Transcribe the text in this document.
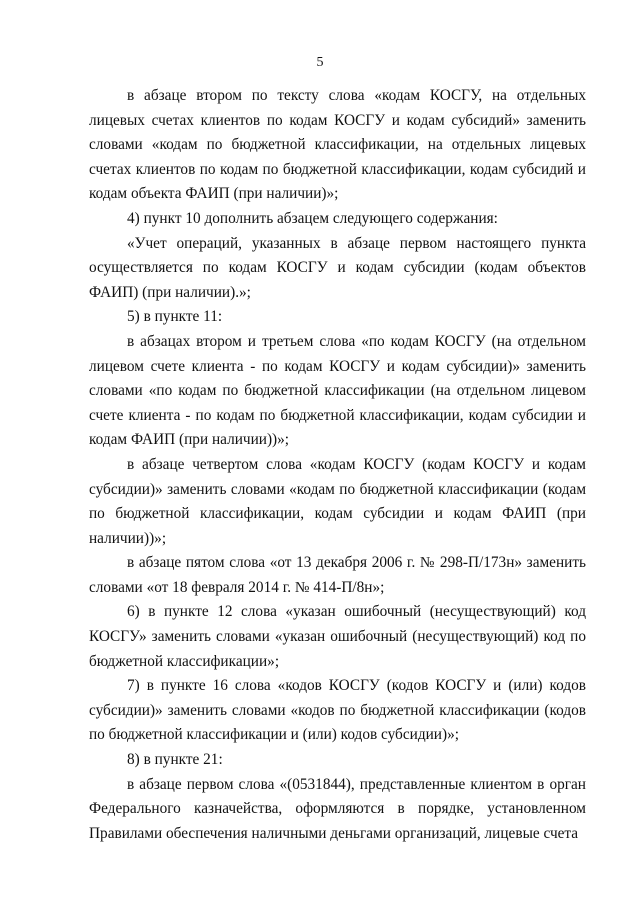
5

в абзаце втором по тексту слова «кодам КОСГУ, на отдельных лицевых счетах клиентов по кодам КОСГУ и кодам субсидий» заменить словами «кодам по бюджетной классификации, на отдельных лицевых счетах клиентов по кодам по бюджетной классификации, кодам субсидий и кодам объекта ФАИП (при наличии)»;

4) пункт 10 дополнить абзацем следующего содержания:

«Учет операций, указанных в абзаце первом настоящего пункта осуществляется по кодам КОСГУ и кодам субсидии (кодам объектов ФАИП) (при наличии).»;

5) в пункте 11:

в абзацах втором и третьем слова «по кодам КОСГУ (на отдельном лицевом счете клиента - по кодам КОСГУ и кодам субсидии)» заменить словами «по кодам по бюджетной классификации (на отдельном лицевом счете клиента - по кодам по бюджетной классификации, кодам субсидии и кодам ФАИП (при наличии))»;

в абзаце четвертом слова «кодам КОСГУ (кодам КОСГУ и кодам субсидии)» заменить словами «кодам по бюджетной классификации (кодам по бюджетной классификации, кодам субсидии и кодам ФАИП (при наличии))»;

в абзаце пятом слова «от 13 декабря 2006 г. № 298-П/173н» заменить словами «от 18 февраля 2014 г. № 414-П/8н»;

6) в пункте 12 слова «указан ошибочный (несуществующий) код КОСГУ» заменить словами «указан ошибочный (несуществующий) код по бюджетной классификации»;

7) в пункте 16 слова «кодов КОСГУ (кодов КОСГУ и (или) кодов субсидии)» заменить словами «кодов по бюджетной классификации (кодов по бюджетной классификации и (или) кодов субсидии)»;

8) в пункте 21:

в абзаце первом слова «(0531844), представленные клиентом в орган Федерального казначейства, оформляются в порядке, установленном Правилами обеспечения наличными деньгами организаций, лицевые счета
